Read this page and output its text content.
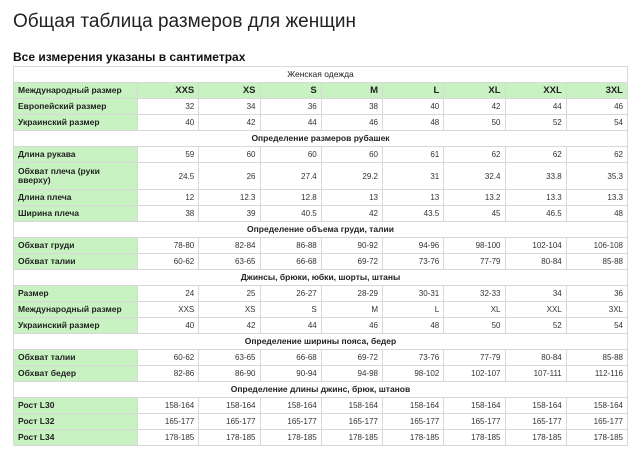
Общая таблица размеров для женщин
Все измерения указаны в сантиметрах
Женская одежда								
Международный размер	XXS	XS	S	M	L	XL	XXL	3XL
Европейский размер	32	34	36	38	40	42	44	46
Украинский размер	40	42	44	46	48	50	52	54
Определение размеров рубашек								
Длина рукава	59	60	60	60	61	62	62	62
Обхват плеча (руки вверху)	24.5	26	27.4	29.2	31	32.4	33.8	35.3
Длина плеча	12	12.3	12.8	13	13	13.2	13.3	13.3
Ширина плеча	38	39	40.5	42	43.5	45	46.5	48
Определение объема груди, талии								
Обхват груди	78-80	82-84	86-88	90-92	94-96	98-100	102-104	106-108
Обхват талии	60-62	63-65	66-68	69-72	73-76	77-79	80-84	85-88
Джинсы, брюки, юбки, шорты, штаны								
Размер	24	25	26-27	28-29	30-31	32-33	34	36
Международный размер	XXS	XS	S	M	L	XL	XXL	3XL
Украинский размер	40	42	44	46	48	50	52	54
Определение ширины пояса, бедер								
Обхват талии	60-62	63-65	66-68	69-72	73-76	77-79	80-84	85-88
Обхват бедер	82-86	86-90	90-94	94-98	98-102	102-107	107-111	112-116
Определение длины джинс, брюк, штанов								
Рост L30	158-164	158-164	158-164	158-164	158-164	158-164	158-164	158-164
Рост L32	165-177	165-177	165-177	165-177	165-177	165-177	165-177	165-177
Рост L34	178-185	178-185	178-185	178-185	178-185	178-185	178-185	178-185
